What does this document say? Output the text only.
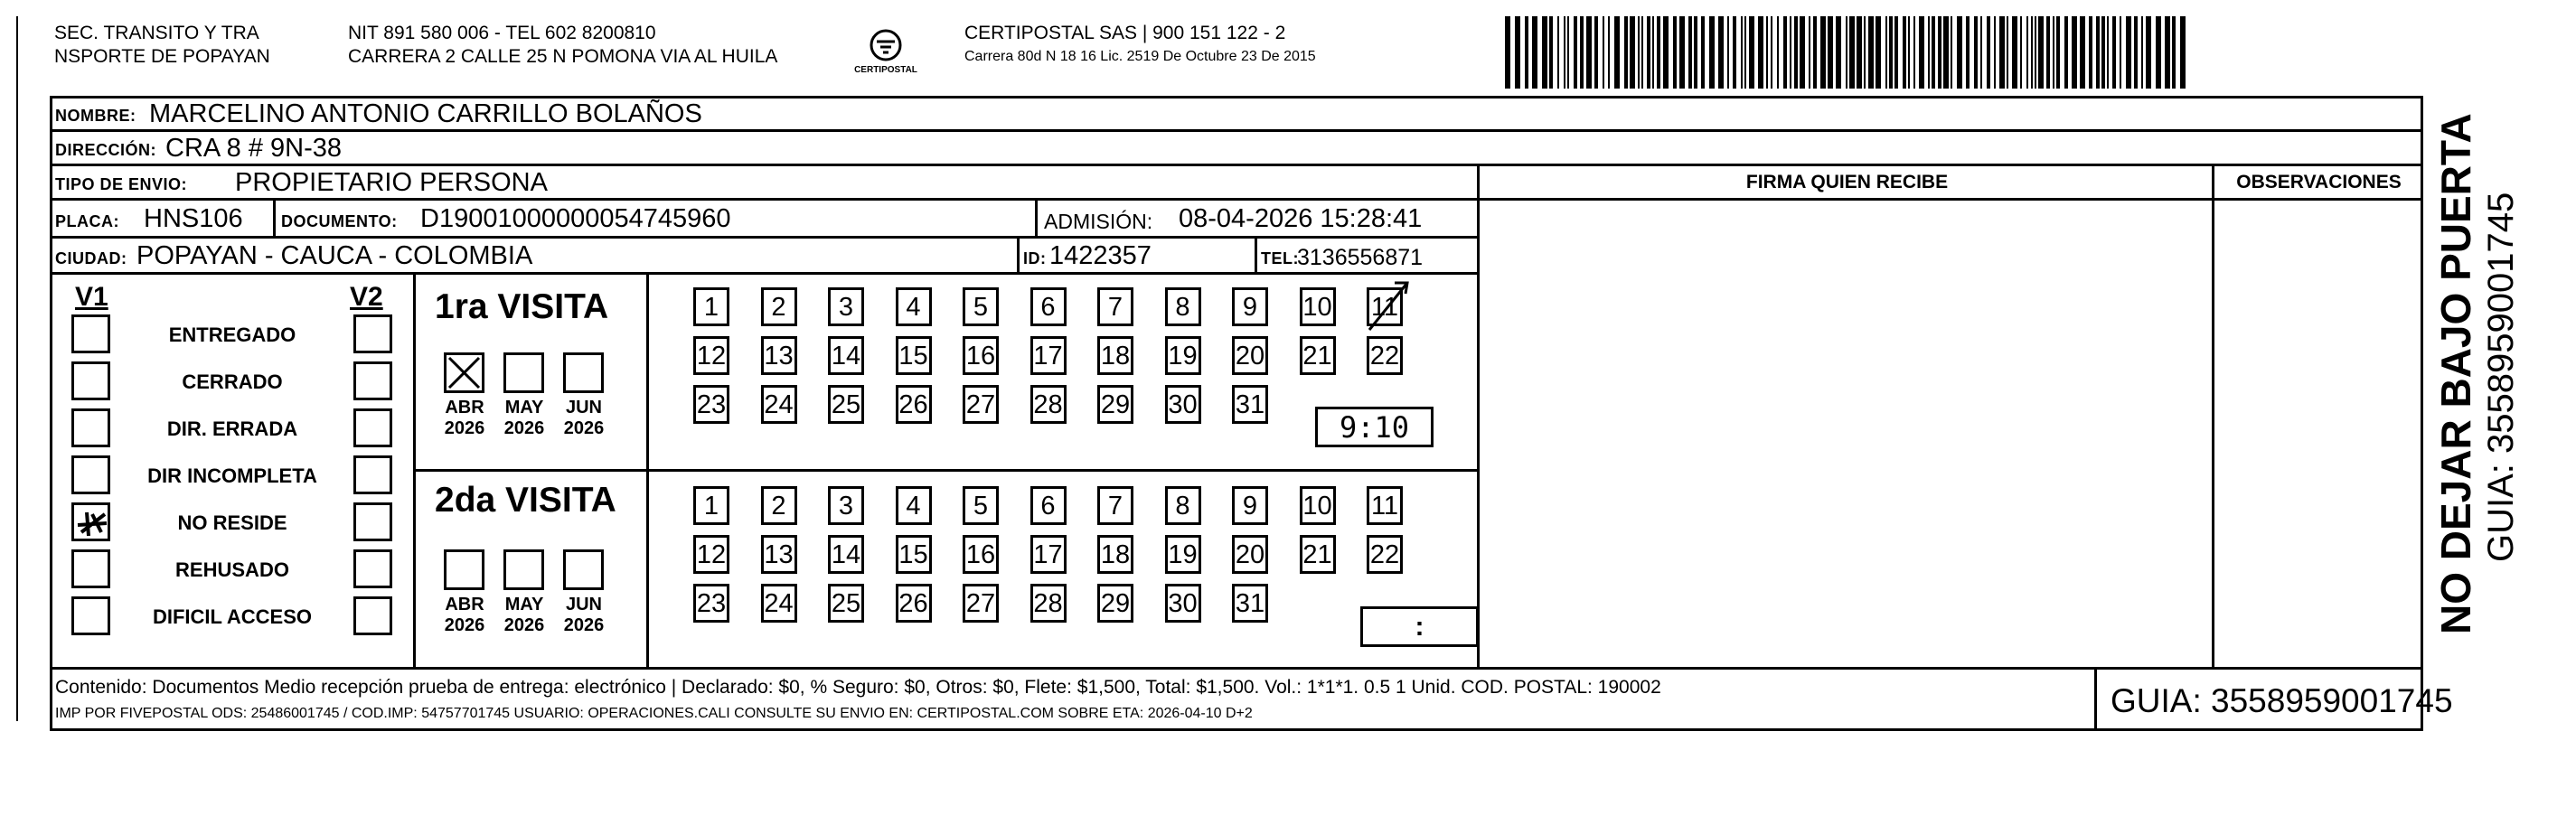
SEC. TRANSITO Y TRA
NSPORTE DE POPAYAN
NIT 891 580 006 - TEL 602 8200810
CARRERA 2 CALLE 25 N POMONA VIA AL HUILA
CERTIPOSTAL
CERTIPOSTAL SAS | 900 151 122 - 2
Carrera 80d N 18 16 Lic. 2519 De Octubre 23 De 2015
NOMBRE: MARCELINO ANTONIO CARRILLO BOLAÑOS
DIRECCIÓN: CRA 8 # 9N-38
TIPO DE ENVIO: PROPIETARIO PERSONA	FIRMA QUIEN RECIBE	OBSERVACIONES
PLACA: HNS106 DOCUMENTO: D19001000000054745960	ADMISIÓN: 08-04-2026 15:28:41
CIUDAD: POPAYAN - CAUCA - COLOMBIA	ID: 1422357	TEL:
3136556871
V1	V2
ENTREGADO
CERRADO
DIR. ERRADA
DIR INCOMPLETA
NO RESIDE
REHUSADO
DIFICIL ACCESO
1ra VISITA
2da VISITA
ABR
2026
MAY
2026
JUN
2026
ABR
2026
MAY
2026
JUN
2026
1	2	3	4	5	6	7	8	9	10 11
12 13 14 15 16 17 18 19 20 21 22
23 24 25 26 27 28 29 30 31
1	2	3	4	5	6	7	8	9	10 11
12 13 14 15 16 17 18 19 20 21 22
23 24 25 26 27 28 29 30 31
9:10
:
Contenido: Documentos Medio recepción prueba de entrega: electrónico | Declarado: $0, % Seguro: $0, Otros: $0, Flete: $1,500, Total: $1,500. Vol.: 1*1*1. 0.5 1 Unid. COD. POSTAL: 190002
IMP POR FIVEPOSTAL ODS: 25486001745 / COD.IMP: 54757701745 USUARIO: OPERACIONES.CALI CONSULTE SU ENVIO EN: CERTIPOSTAL.COM SOBRE ETA: 2026-04-10 D+2	GUIA: 3558959001745
NO DEJAR BAJO PUERTA GUIA: 3558959001745
